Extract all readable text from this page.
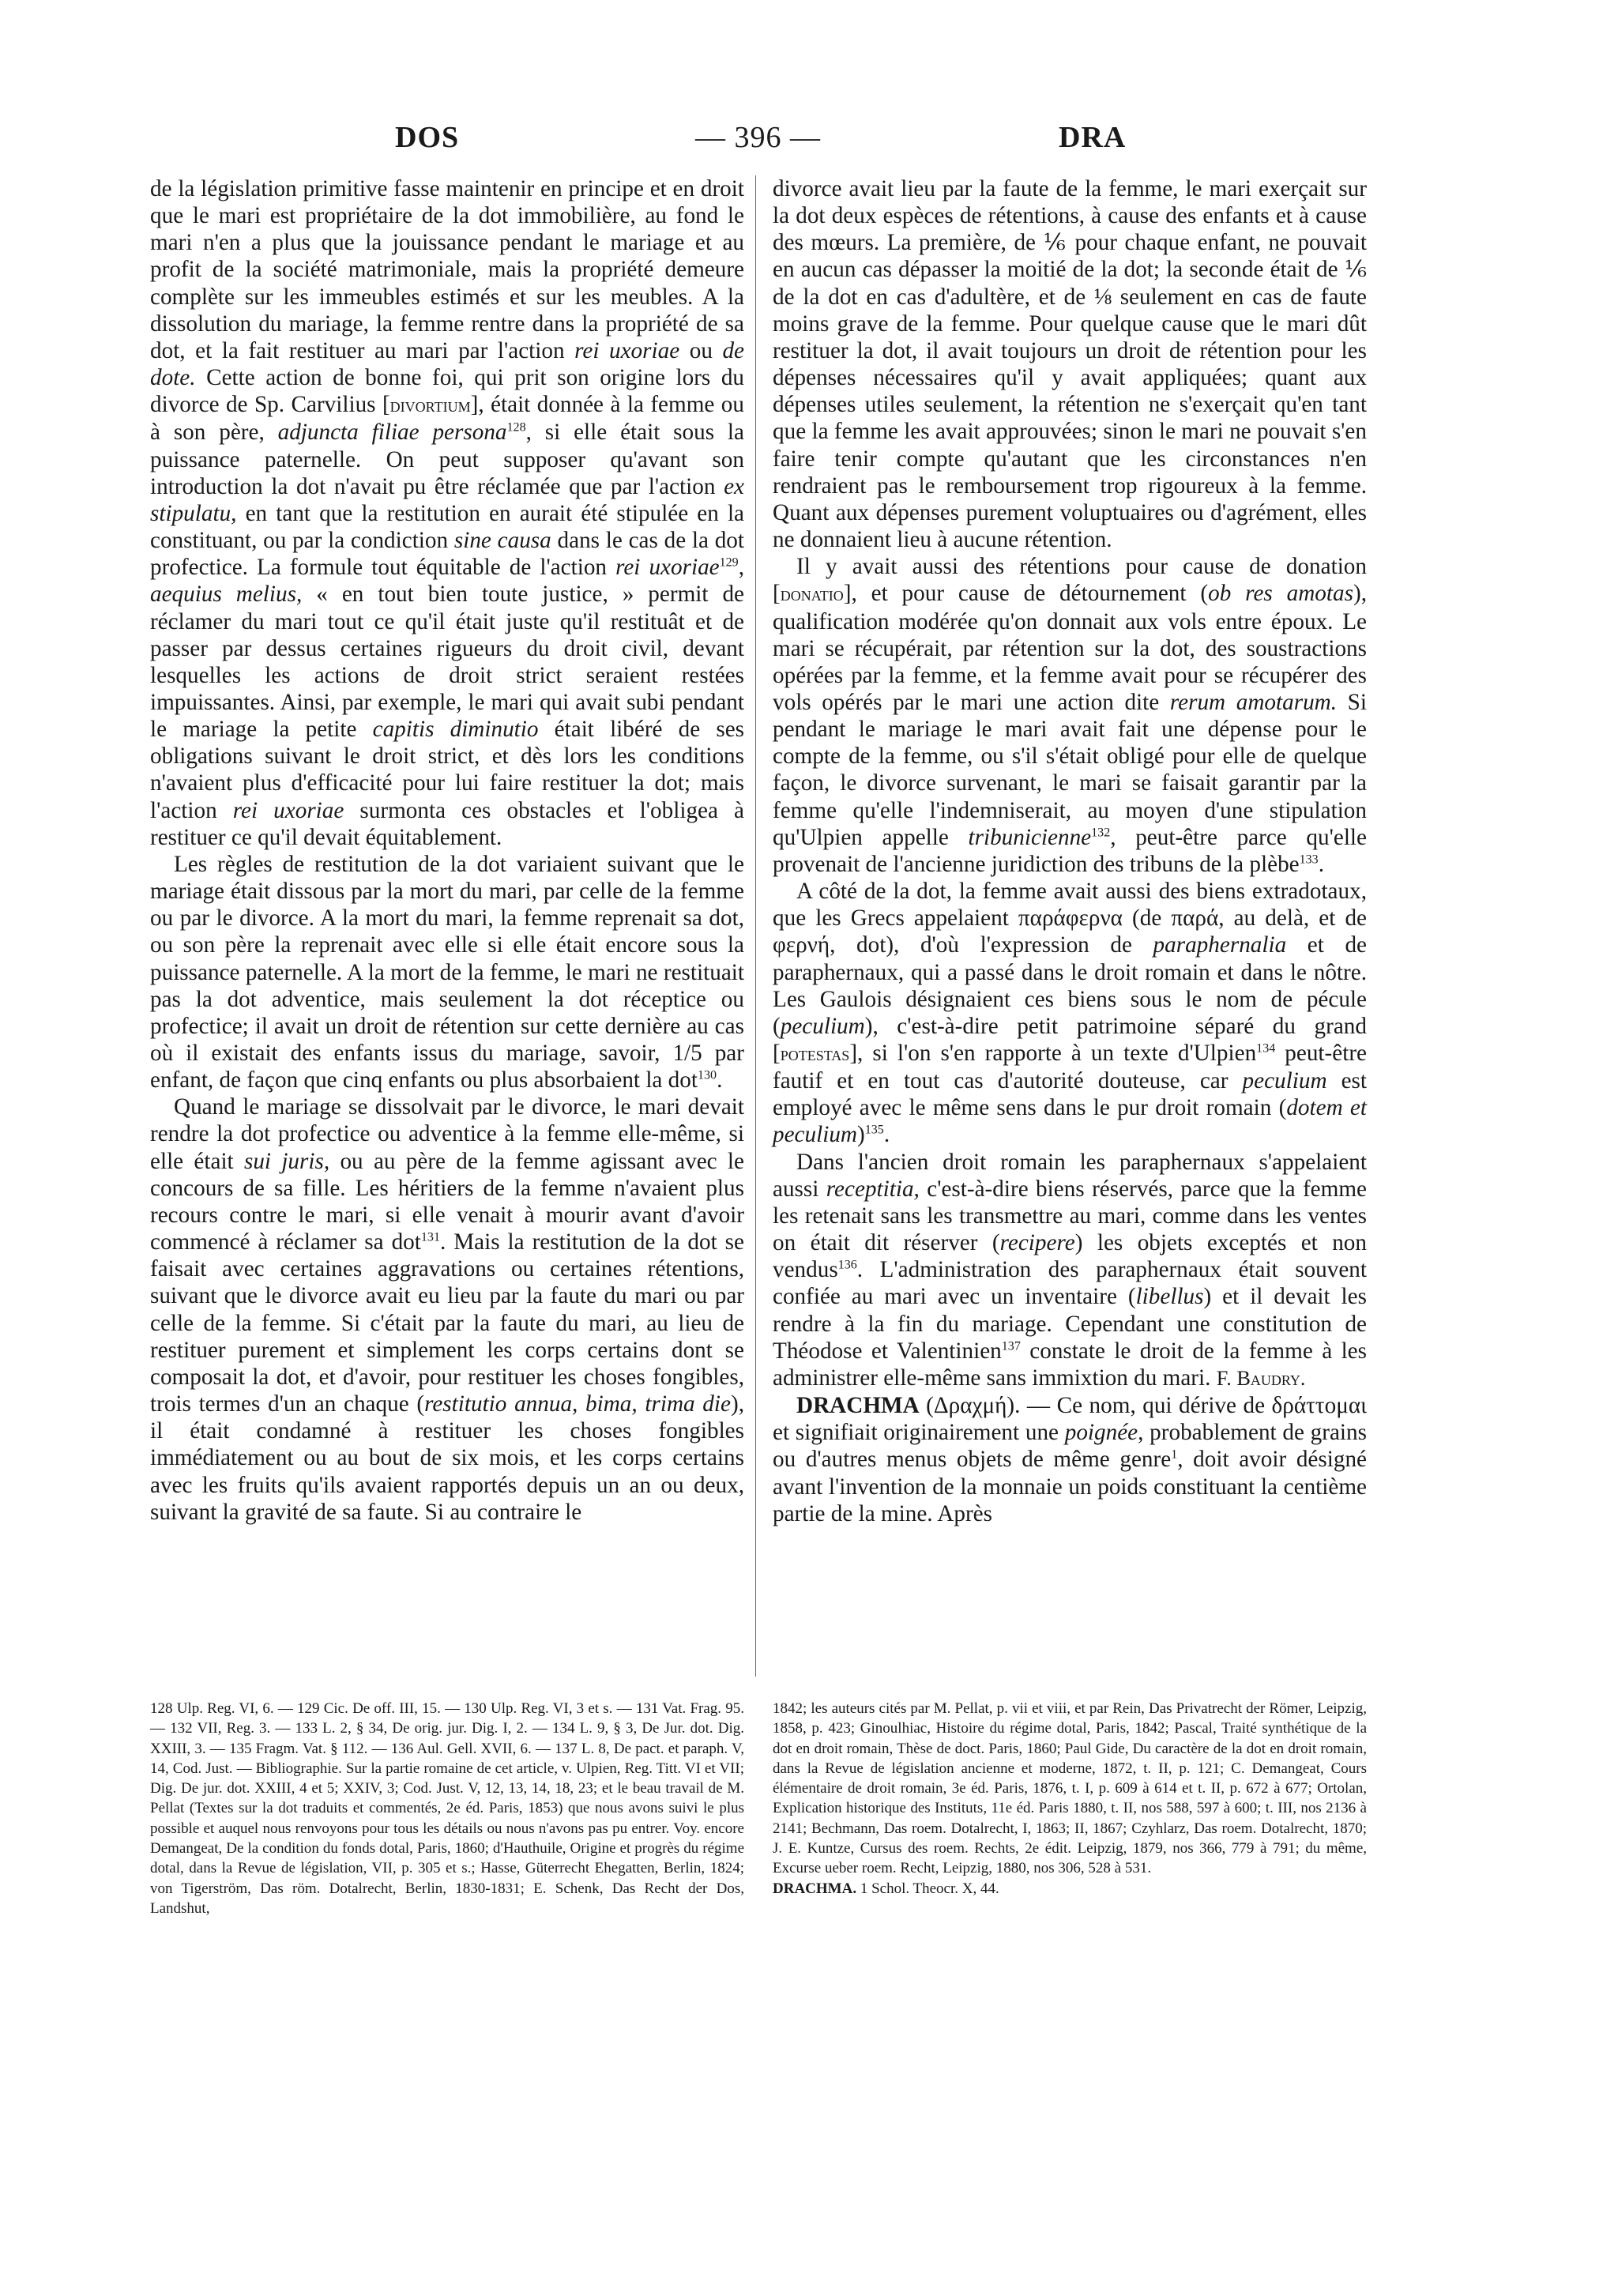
DOS	— 396 —	DRA

de la législation primitive fasse maintenir en principe et en droit que le mari est propriétaire de la dot immobilière, au fond le mari n'en a plus que la jouissance pendant le mariage et au profit de la société matrimoniale, mais la propriété demeure complète sur les immeubles estimés et sur les meubles. A la dissolution du mariage, la femme rentre dans la propriété de sa dot, et la fait restituer au mari par l'action rei uxoriae ou de dote. Cette action de bonne foi, qui prit son origine lors du divorce de Sp. Carvilius [divortium], était donnée à la femme ou à son père, adjuncta filiae persona$^{128}$, si elle était sous la puissance paternelle. On peut supposer qu'avant son introduction la dot n'avait pu être réclamée que par l'action ex stipulatu, en tant que la restitution en aurait été stipulée en la constituant, ou par la condiction sine causa dans le cas de la dot profectice. La formule tout équitable de l'action rei uxoriae$^{129}$, aequius melius, « en tout bien toute justice, » permit de réclamer du mari tout ce qu'il était juste qu'il restituât et de passer par dessus certaines rigueurs du droit civil, devant lesquelles les actions de droit strict seraient restées impuissantes. Ainsi, par exemple, le mari qui avait subi pendant le mariage la petite capitis diminutio était libéré de ses obligations suivant le droit strict, et dès lors les conditions n'avaient plus d'efficacité pour lui faire restituer la dot; mais l'action rei uxoriae surmonta ces obstacles et l'obligea à restituer ce qu'il devait équitablement.

Les règles de restitution de la dot variaient suivant que le mariage était dissous par la mort du mari, par celle de la femme ou par le divorce. A la mort du mari, la femme reprenait sa dot, ou son père la reprenait avec elle si elle était encore sous la puissance paternelle. A la mort de la femme, le mari ne restituait pas la dot adventice, mais seulement la dot réceptice ou profectice; il avait un droit de rétention sur cette dernière au cas où il existait des enfants issus du mariage, savoir, 1/5 par enfant, de façon que cinq enfants ou plus absorbaient la dot$^{130}$.

Quand le mariage se dissolvait par le divorce, le mari devait rendre la dot profectice ou adventice à la femme elle-même, si elle était sui juris, ou au père de la femme agissant avec le concours de sa fille. Les héritiers de la femme n'avaient plus recours contre le mari, si elle venait à mourir avant d'avoir commencé à réclamer sa dot$^{131}$. Mais la restitution de la dot se faisait avec certaines aggravations ou certaines rétentions, suivant que le divorce avait eu lieu par la faute du mari ou par celle de la femme. Si c'était par la faute du mari, au lieu de restituer purement et simplement les corps certains dont se composait la dot, et d'avoir, pour restituer les choses fongibles, trois termes d'un an chaque (restitutio annua, bima, trima die), il était condamné à restituer les choses fongibles immédiatement ou au bout de six mois, et les corps certains avec les fruits qu'ils avaient rapportés depuis un an ou deux, suivant la gravité de sa faute. Si au contraire le

divorce avait lieu par la faute de la femme, le mari exerçait sur la dot deux espèces de rétentions, à cause des enfants et à cause des mœurs. La première, de ⅙ pour chaque enfant, ne pouvait en aucun cas dépasser la moitié de la dot; la seconde était de ⅙ de la dot en cas d'adultère, et de ⅛ seulement en cas de faute moins grave de la femme. Pour quelque cause que le mari dût restituer la dot, il avait toujours un droit de rétention pour les dépenses nécessaires qu'il y avait appliquées; quant aux dépenses utiles seulement, la rétention ne s'exerçait qu'en tant que la femme les avait approuvées; sinon le mari ne pouvait s'en faire tenir compte qu'autant que les circonstances n'en rendraient pas le remboursement trop rigoureux à la femme. Quant aux dépenses purement voluptuaires ou d'agrément, elles ne donnaient lieu à aucune rétention.

Il y avait aussi des rétentions pour cause de donation [donatio], et pour cause de détournement (ob res amotas), qualification modérée qu'on donnait aux vols entre époux. Le mari se récupérait, par rétention sur la dot, des soustractions opérées par la femme, et la femme avait pour se récupérer des vols opérés par le mari une action dite rerum amotarum. Si pendant le mariage le mari avait fait une dépense pour le compte de la femme, ou s'il s'était obligé pour elle de quelque façon, le divorce survenant, le mari se faisait garantir par la femme qu'elle l'indemniserait, au moyen d'une stipulation qu'Ulpien appelle tribunicienne$^{132}$, peut-être parce qu'elle provenait de l'ancienne juridiction des tribuns de la plèbe$^{133}$.

A côté de la dot, la femme avait aussi des biens extradotaux, que les Grecs appelaient παράφερνα (de παρά, au delà, et de φερνή, dot), d'où l'expression de paraphernalia et de paraphernaux, qui a passé dans le droit romain et dans le nôtre. Les Gaulois désignaient ces biens sous le nom de pécule (peculium), c'est-à-dire petit patrimoine séparé du grand [potestas], si l'on s'en rapporte à un texte d'Ulpien$^{134}$ peut-être fautif et en tout cas d'autorité douteuse, car peculium est employé avec le même sens dans le pur droit romain (dotem et peculium)$^{135}$.

Dans l'ancien droit romain les paraphernaux s'appelaient aussi receptitia, c'est-à-dire biens réservés, parce que la femme les retenait sans les transmettre au mari, comme dans les ventes on était dit réserver (recipere) les objets exceptés et non vendus$^{136}$. L'administration des paraphernaux était souvent confiée au mari avec un inventaire (libellus) et il devait les rendre à la fin du mariage. Cependant une constitution de Théodose et Valentinien$^{137}$ constate le droit de la femme à les administrer elle-même sans immixtion du mari. F. Baudry.

DRACHMA (Δραχμή). — Ce nom, qui dérive de δράττομαι et signifiait originairement une poignée, probablement de grains ou d'autres menus objets de même genre$^1$, doit avoir désigné avant l'invention de la monnaie un poids constituant la centième partie de la mine. Après

128 Ulp. Reg. VI, 6. — 129 Cic. De off. III, 15. — 130 Ulp. Reg. VI, 3 et s. — 131 Vat. Frag. 95. — 132 VII, Reg. 3. — 133 L. 2, § 34, De orig. jur. Dig. I, 2. — 134 L. 9, § 3, De Jur. dot. Dig. XXIII, 3. — 135 Fragm. Vat. § 112. — 136 Aul. Gell. XVII, 6. — 137 L. 8, De pact. et paraph. V, 14, Cod. Just. — Bibliographie. Sur la partie romaine de cet article, v. Ulpien, Reg. Titt. VI et VII; Dig. De jur. dot. XXIII, 4 et 5; XXIV, 3; Cod. Just. V, 12, 13, 14, 18, 23; et le beau travail de M. Pellat (Textes sur la dot traduits et commentés, 2e éd. Paris, 1853) que nous avons suivi le plus possible et auquel nous renvoyons pour tous les détails ou nous n'avons pas pu entrer. Voy. encore Demangeat, De la condition du fonds dotal, Paris, 1860; d'Hauthuile, Origine et progrès du régime dotal, dans la Revue de législation, VII, p. 305 et s.; Hasse, Güterrecht Ehegatten, Berlin, 1824; von Tigerström, Das röm. Dotalrecht, Berlin, 1830-1831; E. Schenk, Das Recht der Dos, Landshut,

1842; les auteurs cités par M. Pellat, p. vii et viii, et par Rein, Das Privatrecht der Römer, Leipzig, 1858, p. 423; Ginoulhiac, Histoire du régime dotal, Paris, 1842; Pascal, Traité synthétique de la dot en droit romain, Thèse de doct. Paris, 1860; Paul Gide, Du caractère de la dot en droit romain, dans la Revue de législation ancienne et moderne, 1872, t. II, p. 121; C. Demangeat, Cours élémentaire de droit romain, 3e éd. Paris, 1876, t. I, p. 609 à 614 et t. II, p. 672 à 677; Ortolan, Explication historique des Instituts, 11e éd. Paris 1880, t. II, nos 588, 597 à 600; t. III, nos 2136 à 2141; Bechmann, Das roem. Dotalrecht, I, 1863; II, 1867; Czyhlarz, Das roem. Dotalrecht, 1870; J. E. Kuntze, Cursus des roem. Rechts, 2e édit. Leipzig, 1879, nos 366, 779 à 791; du même, Excurse ueber roem. Recht, Leipzig, 1880, nos 306, 528 à 531.

DRACHMA. 1 Schol. Theocr. X, 44.
